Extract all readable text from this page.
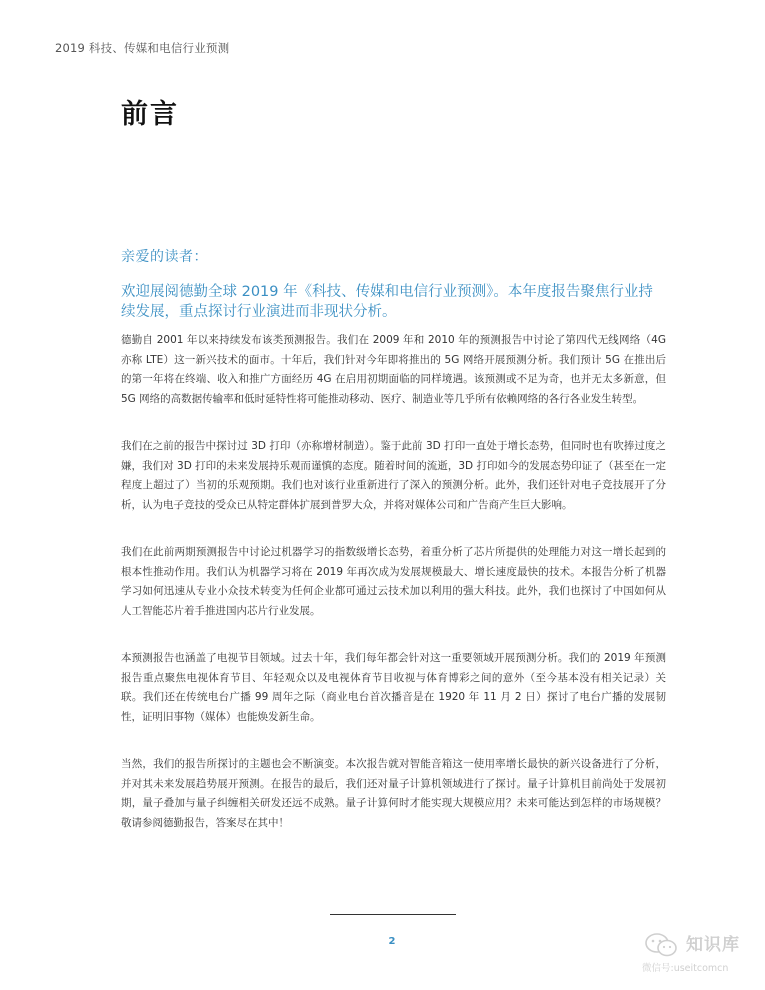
2019 科技、传媒和电信行业预测
前言
亲爱的读者：

欢迎展阅德勤全球 2019 年《科技、传媒和电信行业预测》。本年度报告聚焦行业持续发展，重点探讨行业演进而非现状分析。

德勤自 2001 年以来持续发布该类预测报告。我们在 2009 年和 2010 年的预测报告中讨论了第四代无线网络（4G 亦称 LTE）这一新兴技术的面市。十年后，我们针对今年即将推出的 5G 网络开展预测分析。我们预计 5G 在推出后的第一年将在终端、收入和推广方面经历 4G 在启用初期面临的同样境遇。该预测或不足为奇，也并无太多新意，但 5G 网络的高数据传输率和低时延特性将可能推动移动、医疗、制造业等几乎所有依赖网络的各行各业发生转型。

我们在之前的报告中探讨过 3D 打印（亦称增材制造）。鉴于此前 3D 打印一直处于增长态势，但同时也有吹捧过度之嫌，我们对 3D 打印的未来发展持乐观而谨慎的态度。随着时间的流逝，3D 打印如今的发展态势印证了（甚至在一定程度上超过了）当初的乐观预期。我们也对该行业重新进行了深入的预测分析。此外，我们还针对电子竞技展开了分析，认为电子竞技的受众已从特定群体扩展到普罗大众，并将对媒体公司和广告商产生巨大影响。

我们在此前两期预测报告中讨论过机器学习的指数级增长态势，着重分析了芯片所提供的处理能力对这一增长起到的根本性推动作用。我们认为机器学习将在 2019 年再次成为发展规模最大、增长速度最快的技术。本报告分析了机器学习如何迅速从专业小众技术转变为任何企业都可通过云技术加以利用的强大科技。此外，我们也探讨了中国如何从人工智能芯片着手推进国内芯片行业发展。

本预测报告也涵盖了电视节目领域。过去十年，我们每年都会针对这一重要领域开展预测分析。我们的 2019 年预测报告重点聚焦电视体育节目、年轻观众以及电视体育节目收视与体育博彩之间的意外（至今基本没有相关记录）关联。我们还在传统电台广播 99 周年之际（商业电台首次播音是在 1920 年 11 月 2 日）探讨了电台广播的发展韧性，证明旧事物（媒体）也能焕发新生命。

当然，我们的报告所探讨的主题也会不断演变。本次报告就对智能音箱这一使用率增长最快的新兴设备进行了分析，并对其未来发展趋势展开预测。在报告的最后，我们还对量子计算机领域进行了探讨。量子计算机目前尚处于发展初期，量子叠加与量子纠缠相关研发还远不成熟。量子计算何时才能实现大规模应用？未来可能达到怎样的市场规模？敬请参阅德勤报告，答案尽在其中！

2	知识库
微信号:useitcomcn
